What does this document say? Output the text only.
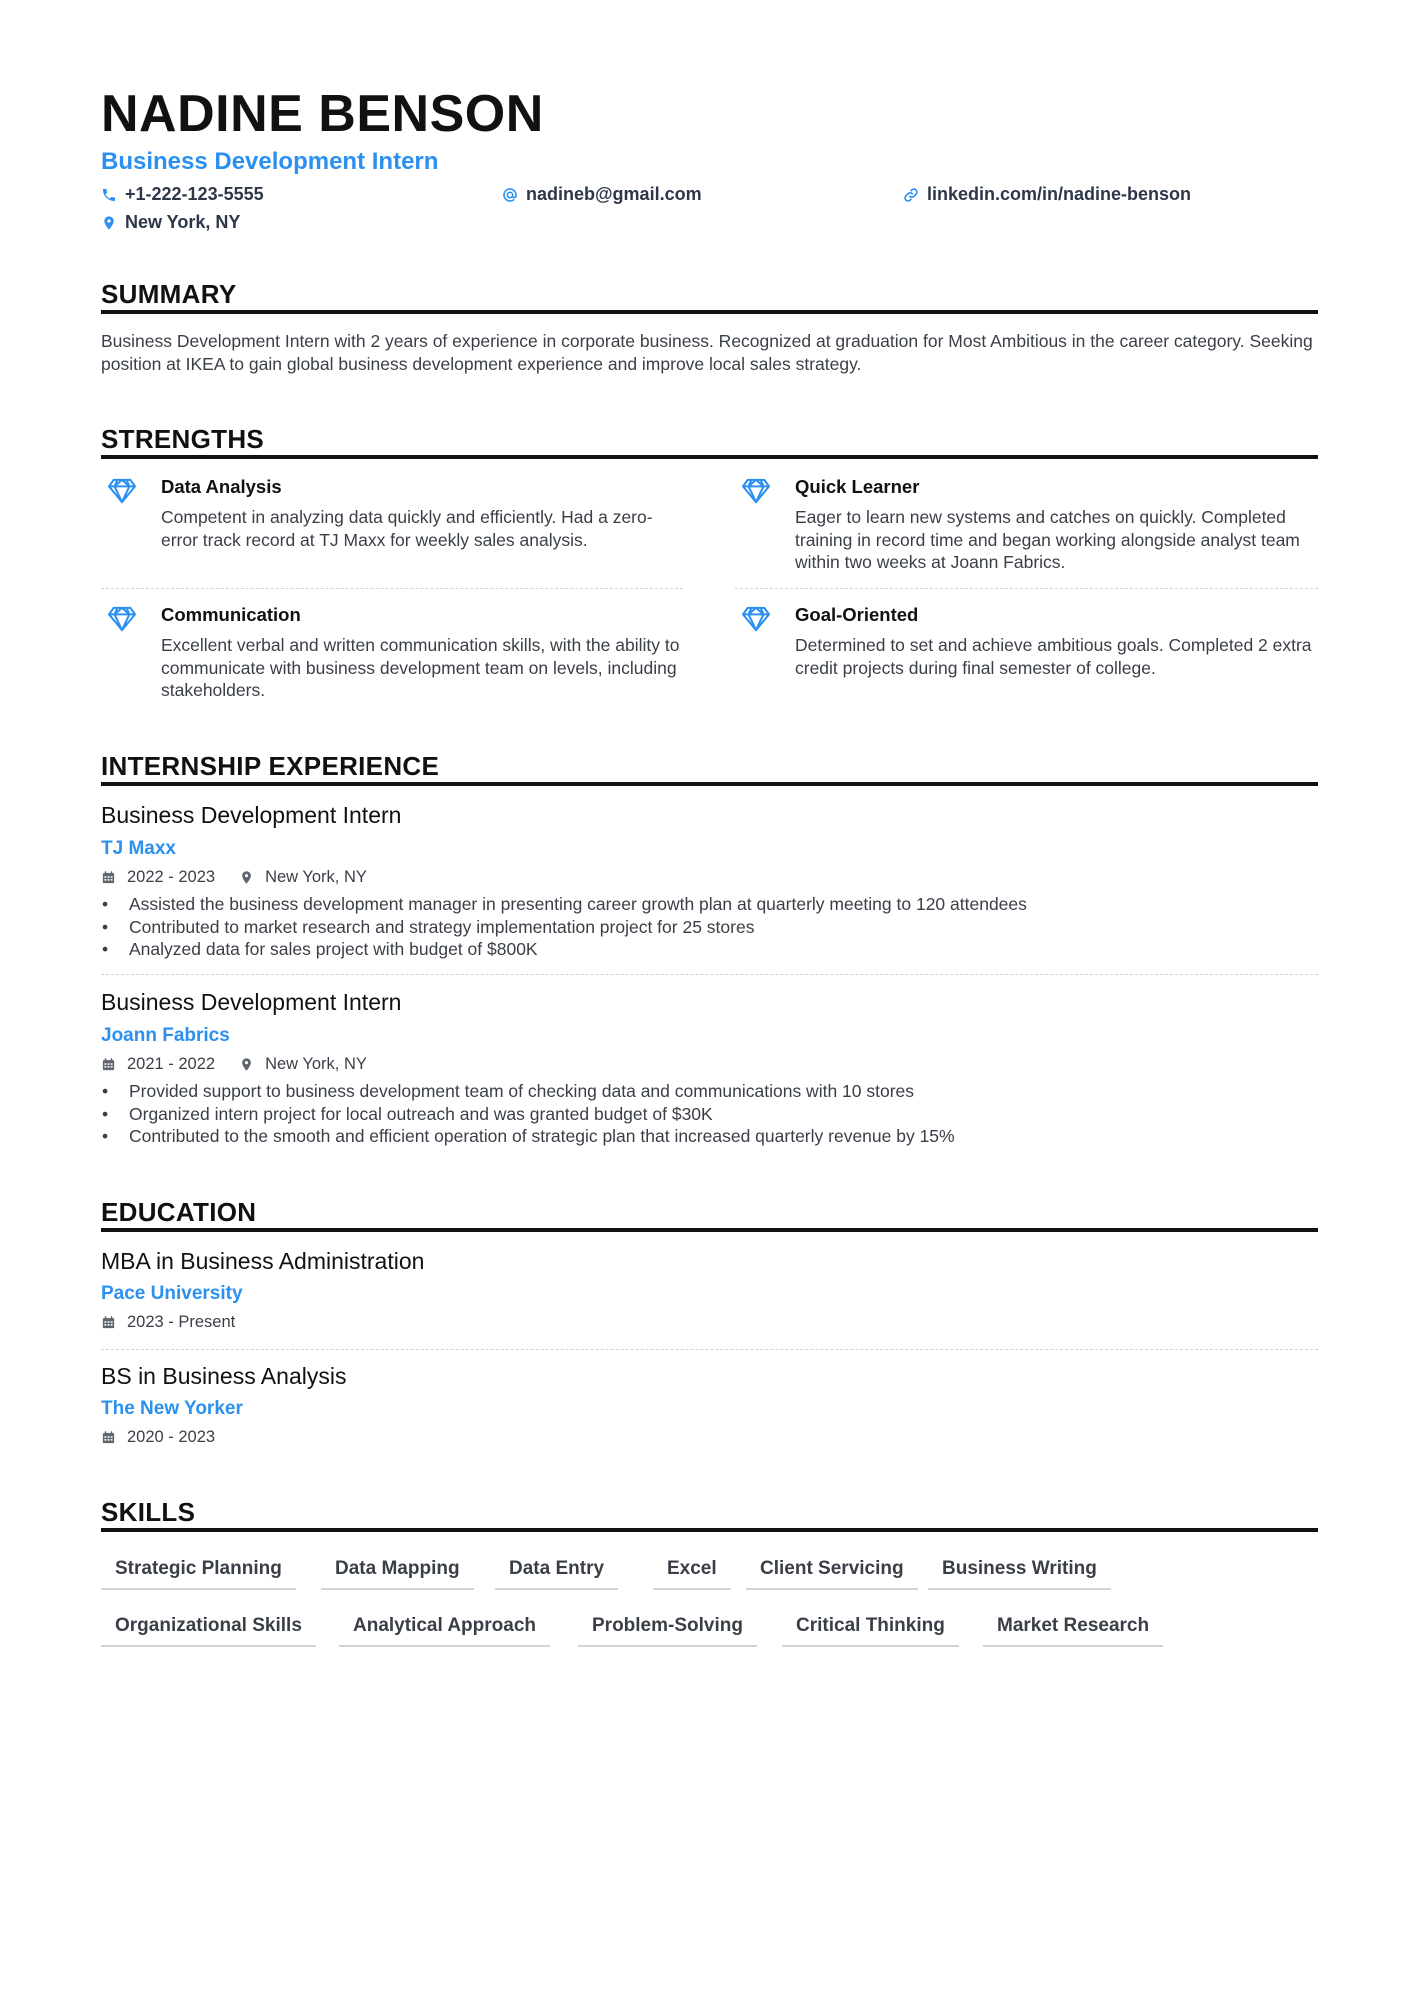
NADINE BENSON
Business Development Intern
+1-222-123-5555	nadineb@gmail.com	linkedin.com/in/nadine-benson
New York, NY
SUMMARY
Business Development Intern with 2 years of experience in corporate business. Recognized at graduation for Most Ambitious in the career category. Seeking position at IKEA to gain global business development experience and improve local sales strategy.
STRENGTHS
Data Analysis
Competent in analyzing data quickly and efficiently. Had a zero-error track record at TJ Maxx for weekly sales analysis.
Quick Learner
Eager to learn new systems and catches on quickly. Completed training in record time and began working alongside analyst team within two weeks at Joann Fabrics.
Communication
Excellent verbal and written communication skills, with the ability to communicate with business development team on levels, including stakeholders.
Goal-Oriented
Determined to set and achieve ambitious goals. Completed 2 extra credit projects during final semester of college.
INTERNSHIP EXPERIENCE
Business Development Intern
TJ Maxx
2022 - 2023	New York, NY
• Assisted the business development manager in presenting career growth plan at quarterly meeting to 120 attendees
• Contributed to market research and strategy implementation project for 25 stores
• Analyzed data for sales project with budget of $800K
Business Development Intern
Joann Fabrics
2021 - 2022	New York, NY
• Provided support to business development team of checking data and communications with 10 stores
• Organized intern project for local outreach and was granted budget of $30K
• Contributed to the smooth and efficient operation of strategic plan that increased quarterly revenue by 15%
EDUCATION
MBA in Business Administration
Pace University
2023 - Present
BS in Business Analysis
The New Yorker
2020 - 2023
SKILLS
Strategic Planning	Data Mapping	Data Entry	Excel	Client Servicing	Business Writing
Organizational Skills	Analytical Approach	Problem-Solving	Critical Thinking	Market Research
